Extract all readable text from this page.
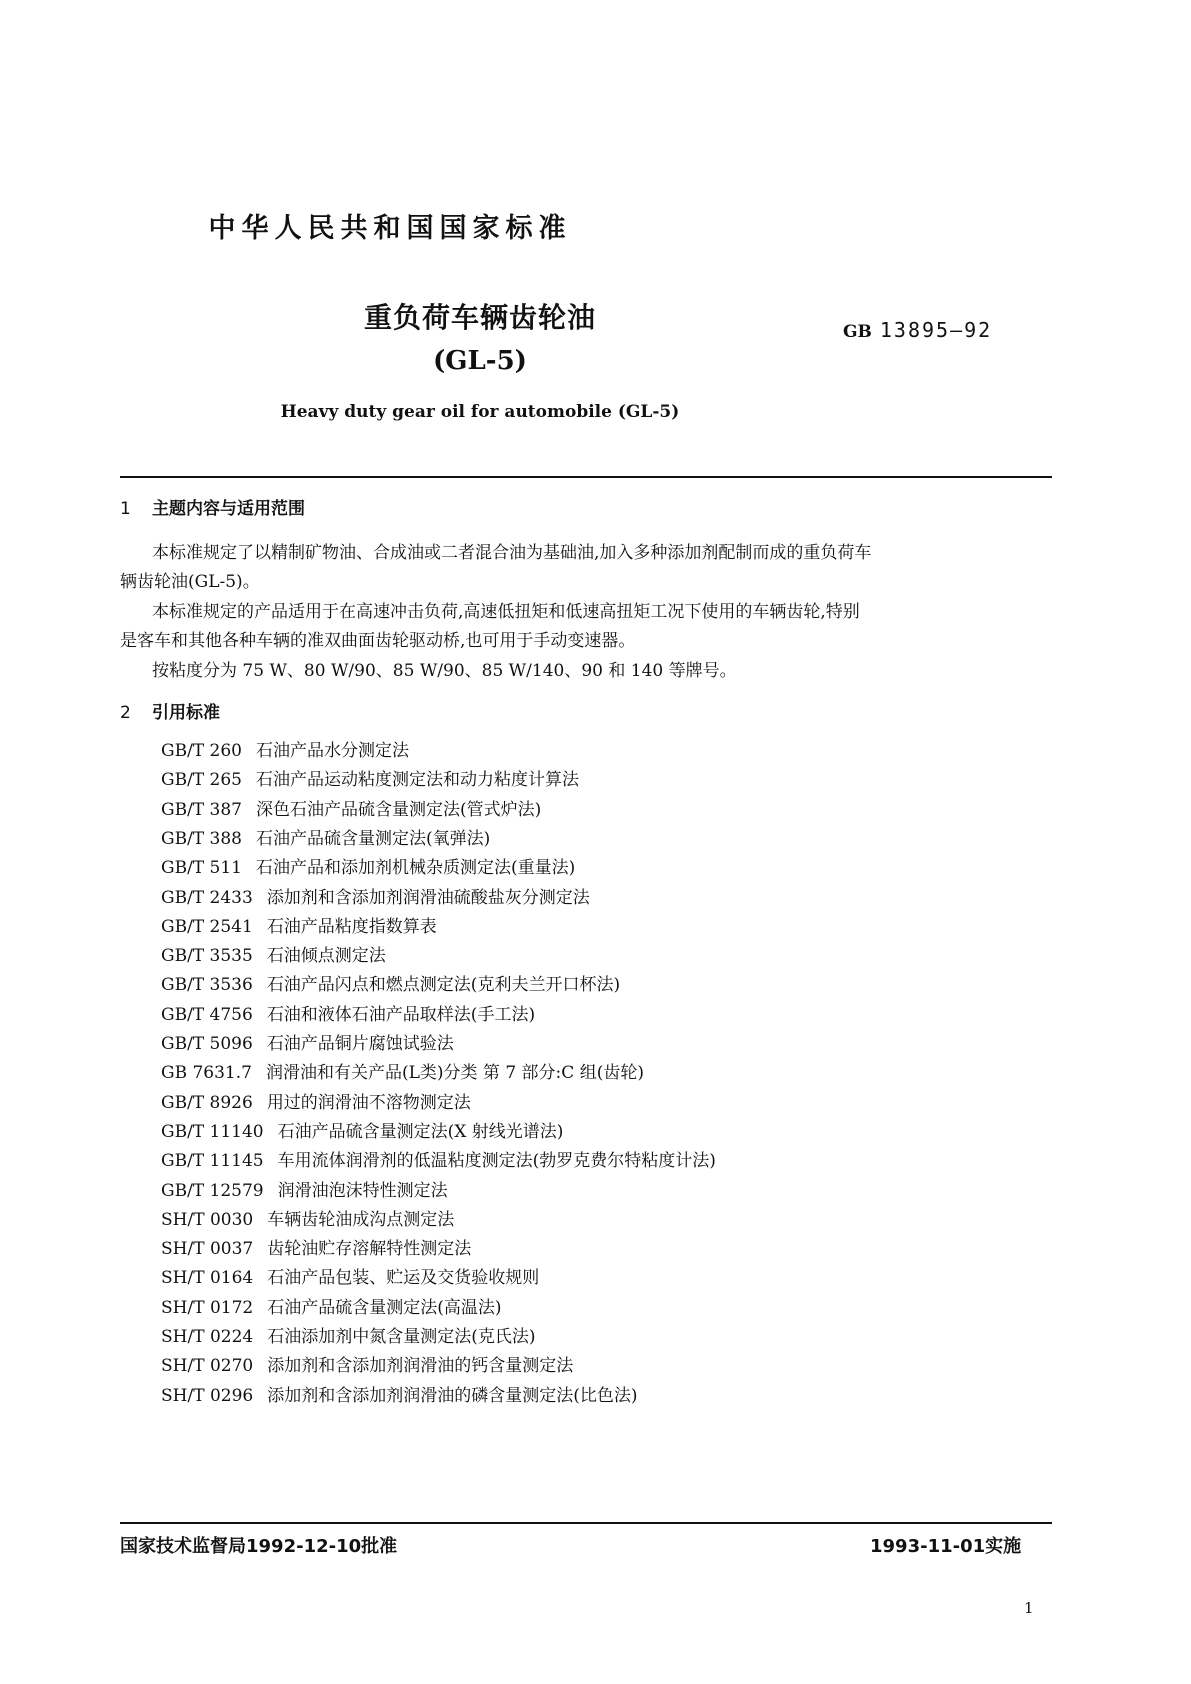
中华人民共和国国家标准
重负荷车辆齿轮油
(GL-5)
GB 13895—92
Heavy duty gear oil for automobile (GL-5)
1 主题内容与适用范围
本标准规定了以精制矿物油、合成油或二者混合油为基础油,加入多种添加剂配制而成的重负荷车
辆齿轮油(GL-5)。
本标准规定的产品适用于在高速冲击负荷,高速低扭矩和低速高扭矩工况下使用的车辆齿轮,特别
是客车和其他各种车辆的准双曲面齿轮驱动桥,也可用于手动变速器。
按粘度分为 75 W、80 W/90、85 W/90、85 W/140、90 和 140 等牌号。
2 引用标准
GB/T 260 石油产品水分测定法
GB/T 265 石油产品运动粘度测定法和动力粘度计算法
GB/T 387 深色石油产品硫含量测定法(管式炉法)
GB/T 388 石油产品硫含量测定法(氧弹法)
GB/T 511 石油产品和添加剂机械杂质测定法(重量法)
GB/T 2433 添加剂和含添加剂润滑油硫酸盐灰分测定法
GB/T 2541 石油产品粘度指数算表
GB/T 3535 石油倾点测定法
GB/T 3536 石油产品闪点和燃点测定法(克利夫兰开口杯法)
GB/T 4756 石油和液体石油产品取样法(手工法)
GB/T 5096 石油产品铜片腐蚀试验法
GB 7631.7 润滑油和有关产品(L类)分类 第 7 部分:C 组(齿轮)
GB/T 8926 用过的润滑油不溶物测定法
GB/T 11140 石油产品硫含量测定法(X 射线光谱法)
GB/T 11145 车用流体润滑剂的低温粘度测定法(勃罗克费尔特粘度计法)
GB/T 12579 润滑油泡沫特性测定法
SH/T 0030 车辆齿轮油成沟点测定法
SH/T 0037 齿轮油贮存溶解特性测定法
SH/T 0164 石油产品包装、贮运及交货验收规则
SH/T 0172 石油产品硫含量测定法(高温法)
SH/T 0224 石油添加剂中氮含量测定法(克氏法)
SH/T 0270 添加剂和含添加剂润滑油的钙含量测定法
SH/T 0296 添加剂和含添加剂润滑油的磷含量测定法(比色法)
国家技术监督局1992-12-10批准	1993-11-01实施
1
